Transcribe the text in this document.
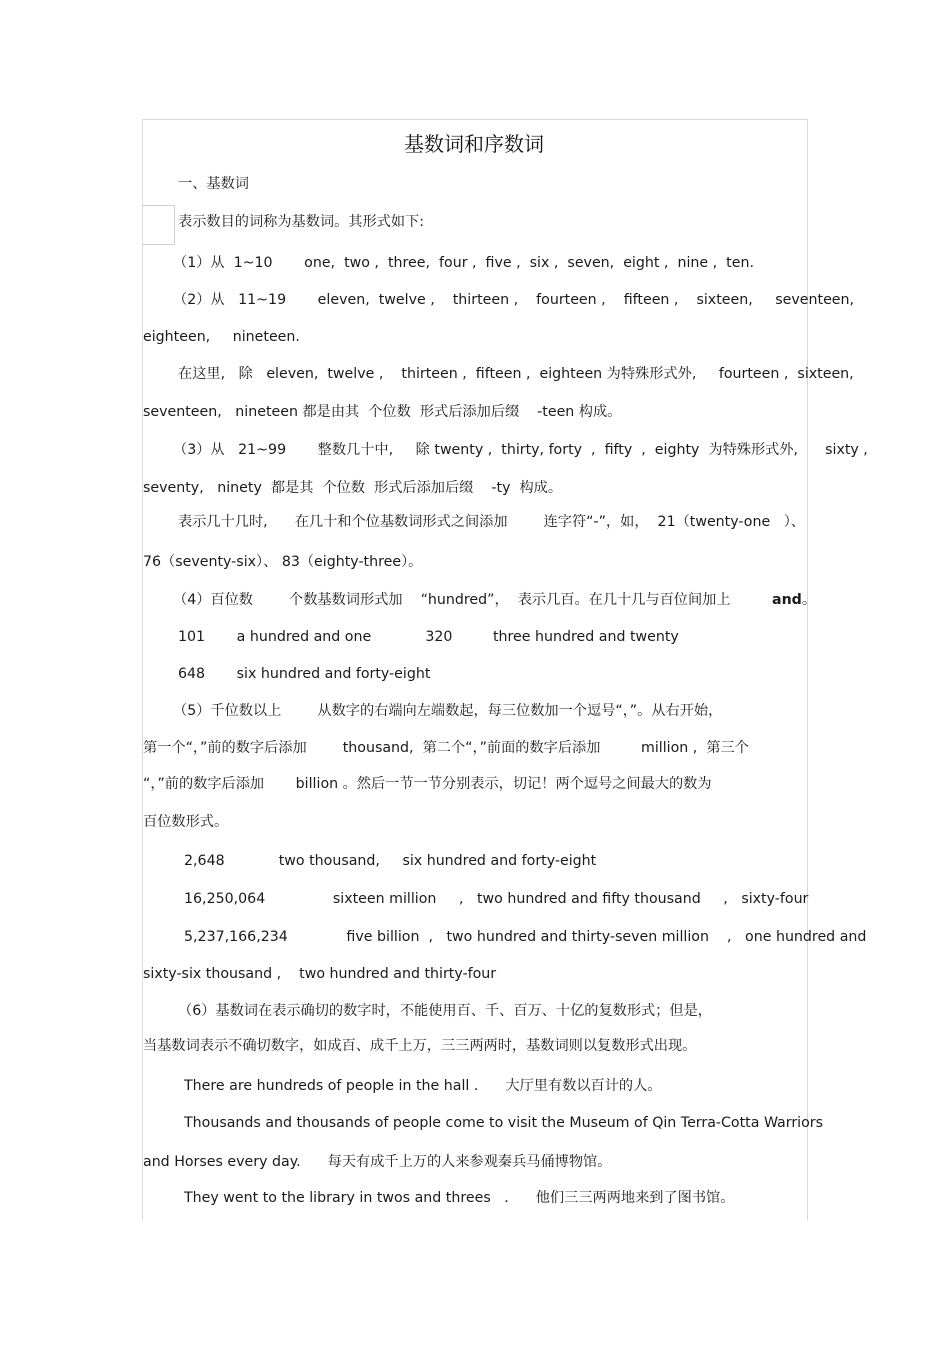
基数词和序数词
一、基数词
表示数目的词称为基数词。其形式如下:
（1）从  1~10       one,  two ,  three,  four ,  five ,  six ,  seven,  eight ,  nine ,  ten.
（2）从   11~19       eleven,  twelve ,    thirteen ,    fourteen ,    fifteen ,    sixteen,     seventeen,
eighteen,     nineteen.
在这里,   除   eleven,  twelve ,    thirteen ,  fifteen ,  eighteen 为特殊形式外,     fourteen ,  sixteen,
seventeen,   nineteen 都是由其  个位数  形式后添加后缀    -teen 构成。
（3）从   21~99       整数几十中,     除 twenty ,  thirty, forty  ,  fifty  ,  eighty  为特殊形式外,      sixty ,
seventy,   ninety  都是其  个位数  形式后添加后缀    -ty  构成。
表示几十几时,      在几十和个位基数词形式之间添加        连字符“-”，如，  21（twenty-one   ）、
76（seventy-six）、 83（eighty-three）。
（4）百位数        个数基数词形式加    “hundred”，  表示几百。在几十几与百位间加上	and。
101       a hundred and one            320         three hundred and twenty
648       six hundred and forty-eight
（5）千位数以上        从数字的右端向左端数起，每三位数加一个逗号“，”。从右开始，
第一个“，”前的数字后添加        thousand,  第二个“，”前面的数字后添加         million ,  第三个
“，”前的数字后添加       billion 。然后一节一节分别表示，切记！两个逗号之间最大的数为
百位数形式。
2,648            two thousand,     six hundred and forty-eight
16,250,064               sixteen million     ,   two hundred and fifty thousand     ,   sixty-four
5,237,166,234             five billion  ,   two hundred and thirty-seven million    ,   one hundred and
sixty-six thousand ,    two hundred and thirty-four
（6）基数词在表示确切的数字时，不能使用百、千、百万、十亿的复数形式；但是，
当基数词表示不确切数字，如成百、成千上万，三三两两时，基数词则以复数形式出现。
There are hundreds of people in the hall .      大厅里有数以百计的人。
Thousands and thousands of people come to visit the Museum of Qin Terra-Cotta Warriors
and Horses every day.      每天有成千上万的人来参观秦兵马俑博物馆。
They went to the library in twos and threes   .      他们三三两两地来到了图书馆。
